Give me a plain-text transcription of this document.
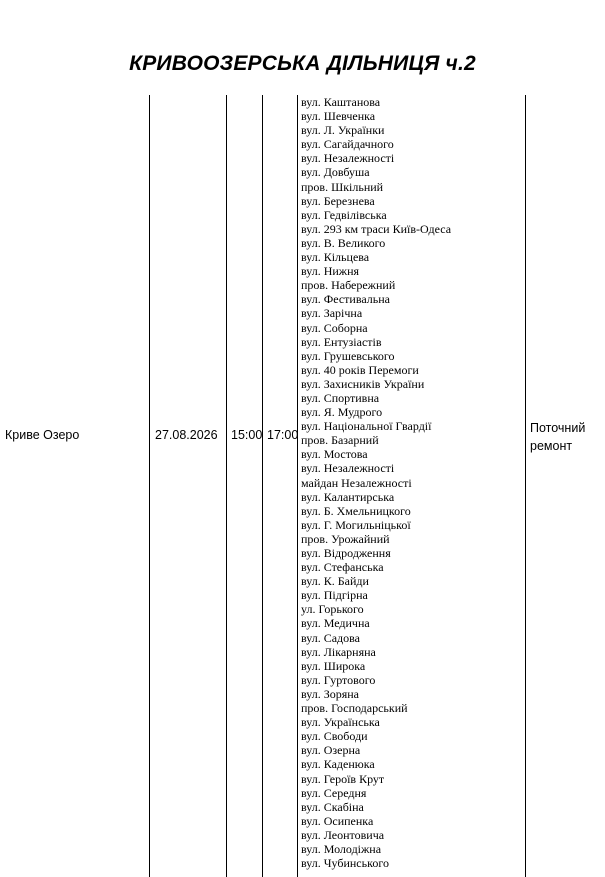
КРИВООЗЕРСЬКА ДІЛЬНИЦЯ ч.2
Криве Озеро	27.08.2026 15:00 17:00	Поточний
ремонт
вул. Каштанова
вул. Шевченка
вул. Л. Українки
вул. Сагайдачного
вул. Незалежності
вул. Довбуша
пров. Шкільний
вул. Березнева
вул. Гедвілівська
вул. 293 км траси Київ-Одеса
вул. В. Великого
вул. Кільцева
вул. Нижня
пров. Набережний
вул. Фестивальна
вул. Зарічна
вул. Соборна
вул. Ентузіастів
вул. Грушевського
вул. 40 років Перемоги
вул. Захисників України
вул. Спортивна
вул. Я. Мудрого
вул. Національної Гвардії
пров. Базарний
вул. Мостова
вул. Незалежності
майдан Незалежності
вул. Калантирська
вул. Б. Хмельницкого
вул. Г. Могильніцької
пров. Урожайний
вул. Відродження
вул. Стефанська
вул. К. Байди
вул. Підгірна
ул. Горького
вул. Медична
вул. Садова
вул. Лікарняна
вул. Широка
вул. Гуртового
вул. Зоряна
пров. Господарський
вул. Українська
вул. Свободи
вул. Озерна
вул. Каденюка
вул. Героїв Крут
вул. Середня
вул. Скабіна
вул. Осипенка
вул. Леонтовича
вул. Молодіжна
вул. Чубинського
